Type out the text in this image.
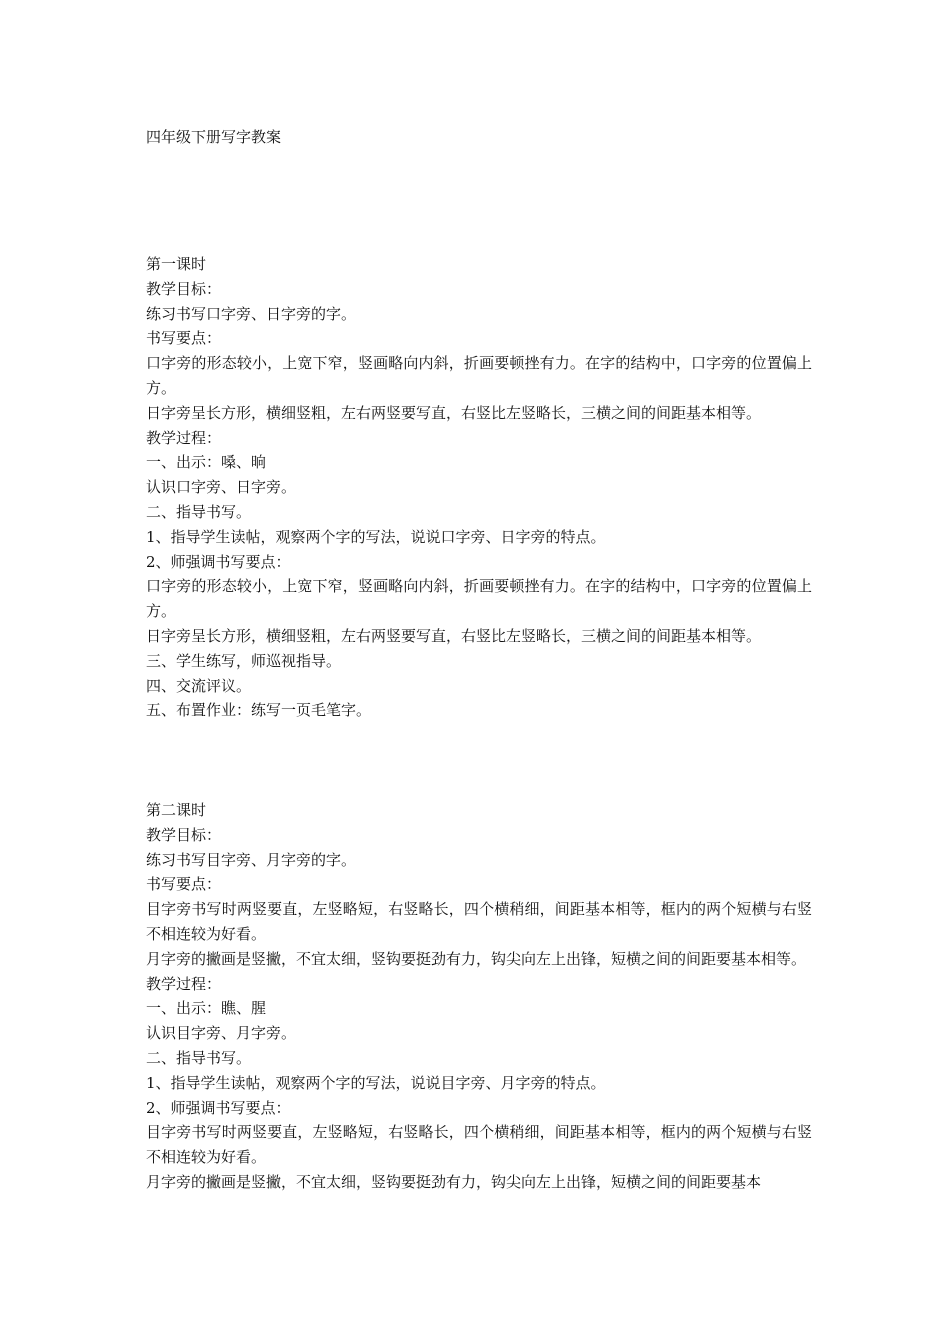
四年级下册写字教案
第一课时
教学目标：
练习书写口字旁、日字旁的字。
书写要点：
口字旁的形态较小，上宽下窄，竖画略向内斜，折画要顿挫有力。在字的结构中，口字旁的位置偏上方。
日字旁呈长方形，横细竖粗，左右两竖要写直，右竖比左竖略长，三横之间的间距基本相等。
教学过程：
一、出示：嗓、晌
认识口字旁、日字旁。
二、指导书写。
1、指导学生读帖，观察两个字的写法，说说口字旁、日字旁的特点。
2、师强调书写要点：
口字旁的形态较小，上宽下窄，竖画略向内斜，折画要顿挫有力。在字的结构中，口字旁的位置偏上方。
日字旁呈长方形，横细竖粗，左右两竖要写直，右竖比左竖略长，三横之间的间距基本相等。
三、学生练写，师巡视指导。
四、交流评议。
五、布置作业：练写一页毛笔字。
第二课时
教学目标：
练习书写目字旁、月字旁的字。
书写要点：
目字旁书写时两竖要直，左竖略短，右竖略长，四个横稍细，间距基本相等，框内的两个短横与右竖不相连较为好看。
月字旁的撇画是竖撇，不宜太细，竖钩要挺劲有力，钩尖向左上出锋，短横之间的间距要基本相等。
教学过程：
一、出示：瞧、腥
认识目字旁、月字旁。
二、指导书写。
1、指导学生读帖，观察两个字的写法，说说目字旁、月字旁的特点。
2、师强调书写要点：
目字旁书写时两竖要直，左竖略短，右竖略长，四个横稍细，间距基本相等，框内的两个短横与右竖不相连较为好看。
月字旁的撇画是竖撇，不宜太细，竖钩要挺劲有力，钩尖向左上出锋，短横之间的间距要基本
